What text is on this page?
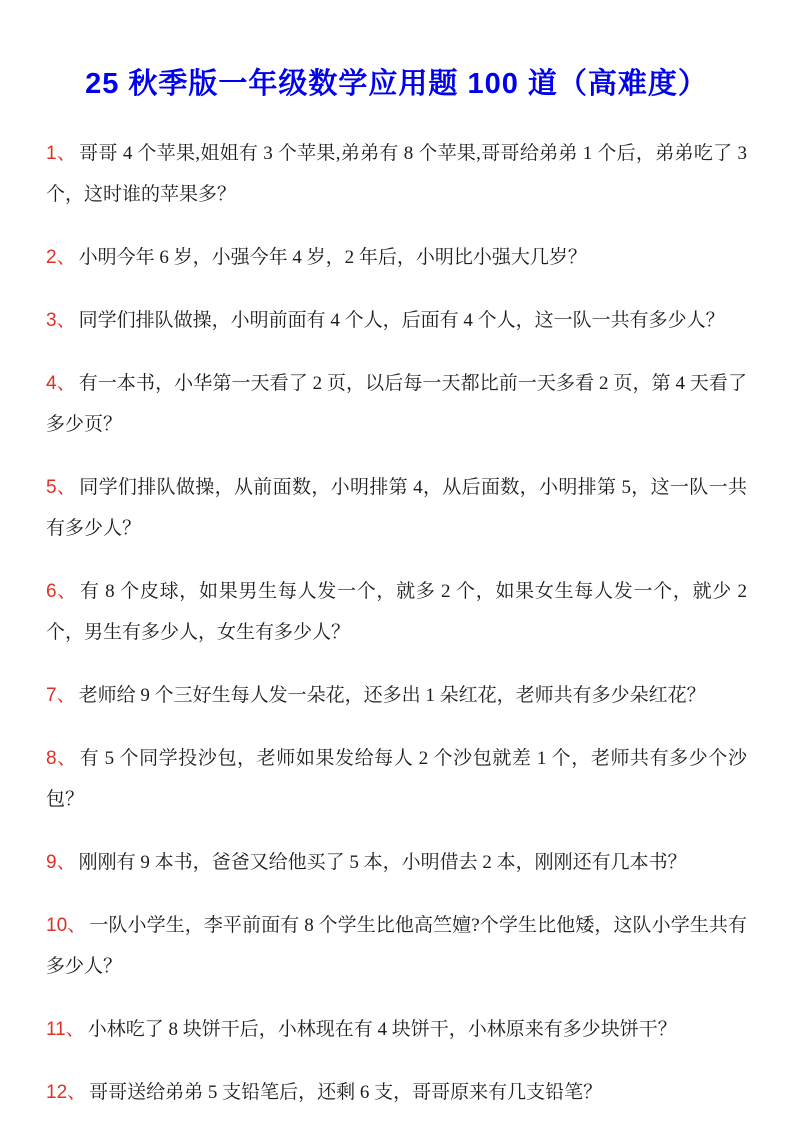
25 秋季版一年级数学应用题 100 道（高难度）

1、 哥哥 4 个苹果,姐姐有 3 个苹果,弟弟有 8 个苹果,哥哥给弟弟 1 个后，弟弟吃了 3 个，这时谁的苹果多？

2、 小明今年 6 岁，小强今年 4 岁，2 年后，小明比小强大几岁？

3、 同学们排队做操，小明前面有 4 个人，后面有 4 个人，这一队一共有多少人？

4、 有一本书，小华第一天看了 2 页，以后每一天都比前一天多看 2 页，第 4 天看了多少页？

5、 同学们排队做操，从前面数，小明排第 4，从后面数，小明排第 5，这一队一共有多少人？

6、 有 8 个皮球，如果男生每人发一个，就多 2 个，如果女生每人发一个，就少 2 个，男生有多少人，女生有多少人？

7、 老师给 9 个三好生每人发一朵花，还多出 1 朵红花，老师共有多少朵红花？

8、 有 5 个同学投沙包，老师如果发给每人 2 个沙包就差 1 个，老师共有多少个沙包？

9、 刚刚有 9 本书，爸爸又给他买了 5 本，小明借去 2 本，刚刚还有几本书？

10、 一队小学生，李平前面有 8 个学生比他高竺嬗?个学生比他矮，这队小学生共有多少人？

11、 小林吃了 8 块饼干后，小林现在有 4 块饼干，小林原来有多少块饼干？

12、 哥哥送给弟弟 5 支铅笔后，还剩 6 支，哥哥原来有几支铅笔？
